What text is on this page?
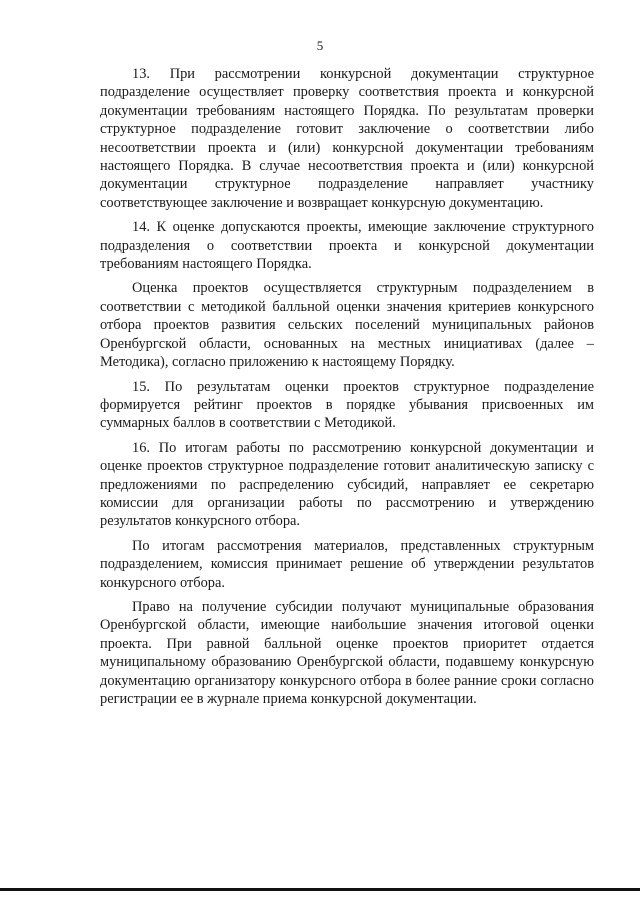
5

13. При рассмотрении конкурсной документации структурное подразделение осуществляет проверку соответствия проекта и конкурсной документации требованиям настоящего Порядка. По результатам проверки структурное подразделение готовит заключение о соответствии либо несоответствии проекта и (или) конкурсной документации требованиям настоящего Порядка. В случае несоответствия проекта и (или) конкурсной документации структурное подразделение направляет участнику соответствующее заключение и возвращает конкурсную документацию.

14. К оценке допускаются проекты, имеющие заключение структурного подразделения о соответствии проекта и конкурсной документации требованиям настоящего Порядка.

Оценка проектов осуществляется структурным подразделением в соответствии с методикой балльной оценки значения критериев конкурсного отбора проектов развития сельских поселений муниципальных районов Оренбургской области, основанных на местных инициативах (далее – Методика), согласно приложению к настоящему Порядку.

15. По результатам оценки проектов структурное подразделение формируется рейтинг проектов в порядке убывания присвоенных им суммарных баллов в соответствии с Методикой.

16. По итогам работы по рассмотрению конкурсной документации и оценке проектов структурное подразделение готовит аналитическую записку с предложениями по распределению субсидий, направляет ее секретарю комиссии для организации работы по рассмотрению и утверждению результатов конкурсного отбора.

По итогам рассмотрения материалов, представленных структурным подразделением, комиссия принимает решение об утверждении результатов конкурсного отбора.

Право на получение субсидии получают муниципальные образования Оренбургской области, имеющие наибольшие значения итоговой оценки проекта. При равной балльной оценке проектов приоритет отдается муниципальному образованию Оренбургской области, подавшему конкурсную документацию организатору конкурсного отбора в более ранние сроки согласно регистрации ее в журнале приема конкурсной документации.
